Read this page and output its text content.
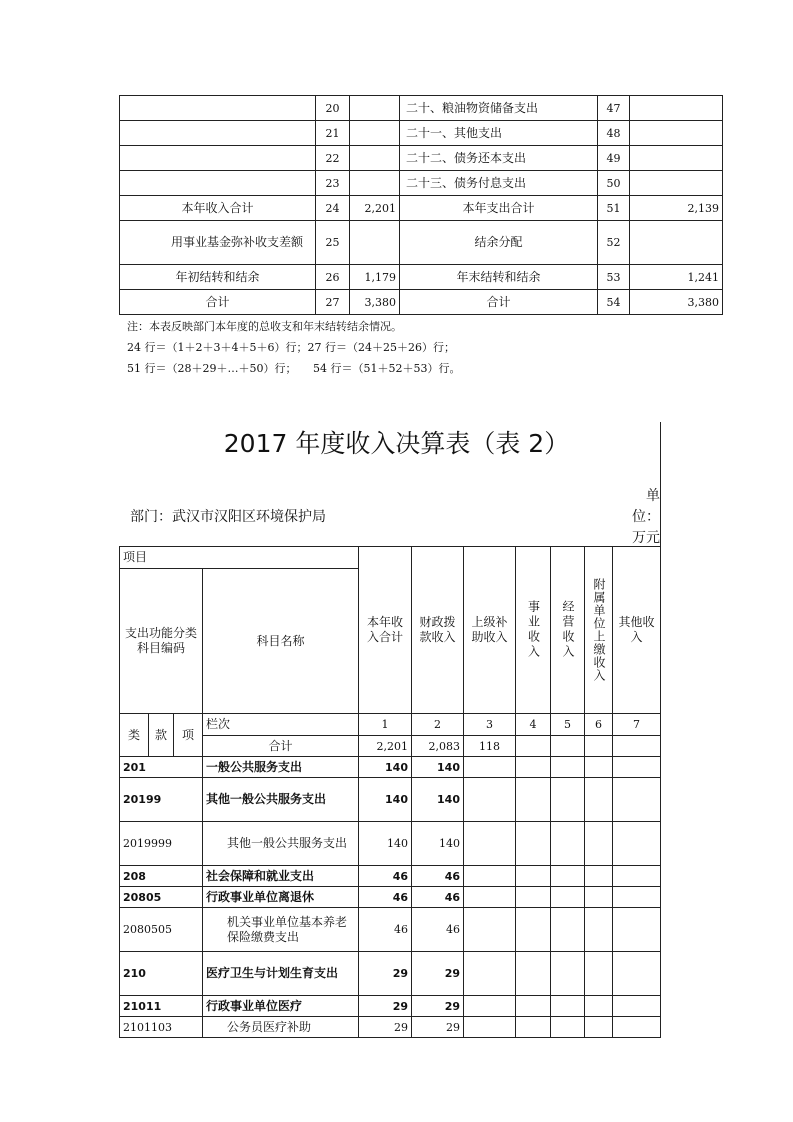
	20		二十、粮油物资储备支出	47	
	21		二十一、其他支出	48	
	22		二十二、债务还本支出	49	
	23		二十三、债务付息支出	50	
本年收入合计	24	2,201	本年支出合计	51	2,139
用事业基金弥补收支差额	25		结余分配	52	
年初结转和结余	26	1,179	年末结转和结余	53	1,241
合计	27	3,380	合计	54	3,380
注：本表反映部门本年度的总收支和年末结转结余情况。
24 行＝（1＋2＋3＋4＋5＋6）行；27 行＝（24＋25＋26）行；
51 行＝（28＋29＋…＋50）行；　　54 行＝（51＋52＋53）行。
2017 年度收入决算表（表 2）
部门：武汉市汉阳区环境保护局
单位：万元
项目				本年收入合计	财政拨款收入	上级补助收入	事业收入	经营收入	附属单位上缴收入	其他收入
支出功能分类科目编码			科目名称							
类	款	项	栏次	1	2	3	4	5	6	7
			合计	2,201	2,083	118				
201			一般公共服务支出	140	140					
20199			其他一般公共服务支出	140	140					
2019999			其他一般公共服务支出	140	140					
208			社会保障和就业支出	46	46					
20805			行政事业单位离退休	46	46					
2080505			机关事业单位基本养老保险缴费支出	46	46					
210			医疗卫生与计划生育支出	29	29					
21011			行政事业单位医疗	29	29					
2101103			公务员医疗补助	29	29					
